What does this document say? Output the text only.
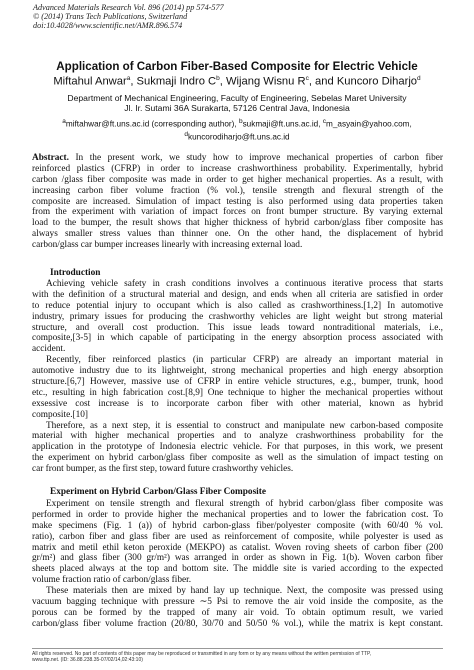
Advanced Materials Research Vol. 896 (2014) pp 574-577
© (2014) Trans Tech Publications, Switzerland
doi:10.4028/www.scientific.net/AMR.896.574
Application of Carbon Fiber-Based Composite for Electric Vehicle
Miftahul Anwar$^a$, Sukmaji Indro $C^b$, Wijang Wisnu $R^c$, and Kuncoro Diharjo$^d$
Department of Mechanical Engineering, Faculty of Engineering, Sebelas Maret University
Jl. Ir. Sutami 36A Surakarta, 57126 Central Java, Indonesia
$^a$miftahwar@ft.uns.ac.id (corresponding author), $^b$sukmaji@ft.uns.ac.id, $^c$m_asyain@yahoo.com,
$^d$kuncorodiharjo@ft.uns.ac.id
Abstract. In the present work, we study how to improve mechanical properties of carbon fiber
reinforced plastics (CFRP) in order to increase crashworthiness probability. Experimentally, hybrid
carbon /glass fiber composite was made in order to get higher mechanical properties. As a result, with
increasing carbon fiber volume fraction (% vol.), tensile strength and flexural strength of the
composite are increased. Simulation of impact testing is also performed using data properties taken
from the experiment with variation of impact forces on front bumper structure. By varying external
load to the bumper, the result shows that higher thickness of hybrid carbon/glass fiber composite has
always smaller stress values than thinner one. On the other hand, the displacement of hybrid
carbon/glass car bumper increases linearly with increasing external load.
Introduction
Achieving vehicle safety in crash conditions involves a continuous iterative process that starts
with the definition of a structural material and design, and ends when all criteria are satisfied in order
to reduce potential injury to occupant which is also called as crashworthiness.[1,2] In automotive
industry, primary issues for producing the crashworthy vehicles are light weight but strong material
structure, and overall cost production. This issue leads toward nontraditional materials, i.e.,
composite,[3-5] in which capable of participating in the energy absorption process associated with
accident.
Recently, fiber reinforced plastics (in particular CFRP) are already an important material in
automotive industry due to its lightweight, strong mechanical properties and high energy absorption
structure.[6,7] However, massive use of CFRP in entire vehicle structures, e.g., bumper, trunk, hood
etc., resulting in high fabrication cost.[8,9] One technique to higher the mechanical properties without
exsessive cost increase is to incorporate carbon fiber with other material, known as hybrid
composite.[10]
Therefore, as a next step, it is essential to construct and manipulate new carbon-based composite
material with higher mechanical properties and to analyze crashworthiness probability for the
application in the prototype of Indonesia electric vehicle. For that purposes, in this work, we present
the experiment on hybrid carbon/glass fiber composite as well as the simulation of impact testing on
car front bumper, as the first step, toward future crashworthy vehicles.
Experiment on Hybrid Carbon/Glass Fiber Composite
Experiment on tensile strength and flexural strength of hybrid carbon/glass fiber composite was
performed in order to provide higher the mechanical properties and to lower the fabrication cost. To
make specimens (Fig. 1 (a)) of hybrid carbon-glass fiber/polyester composite (with 60/40 % vol.
ratio), carbon fiber and glass fiber are used as reinforcement of composite, while polyester is used as
matrix and metil ethil keton peroxide (MEKPO) as catalist. Woven roving sheets of carbon fiber (200
gr/m²) and glass fiber (300 gr/m²) was arranged in order as shown in Fig. 1(b). Woven carbon fiber
sheets placed always at the top and bottom site. The middle site is varied according to the expected
volume fraction ratio of carbon/glass fiber.
These materials then are mixed by hand lay up technique. Next, the composite was pressed using
vacuum bagging technique with pressure ∼5 Psi to remove the air void inside the composite, as the
porous can be formed by the trapped of many air void. To obtain optimum result, we varied
carbon/glass fiber volume fraction (20/80, 30/70 and 50/50 % vol.), while the matrix is kept constant.
All rights reserved. No part of contents of this paper may be reproduced or transmitted in any form or by any means without the written permission of TTP,
www.ttp.net. (ID: 36.88.238.35-07/02/14,02:43:10)
